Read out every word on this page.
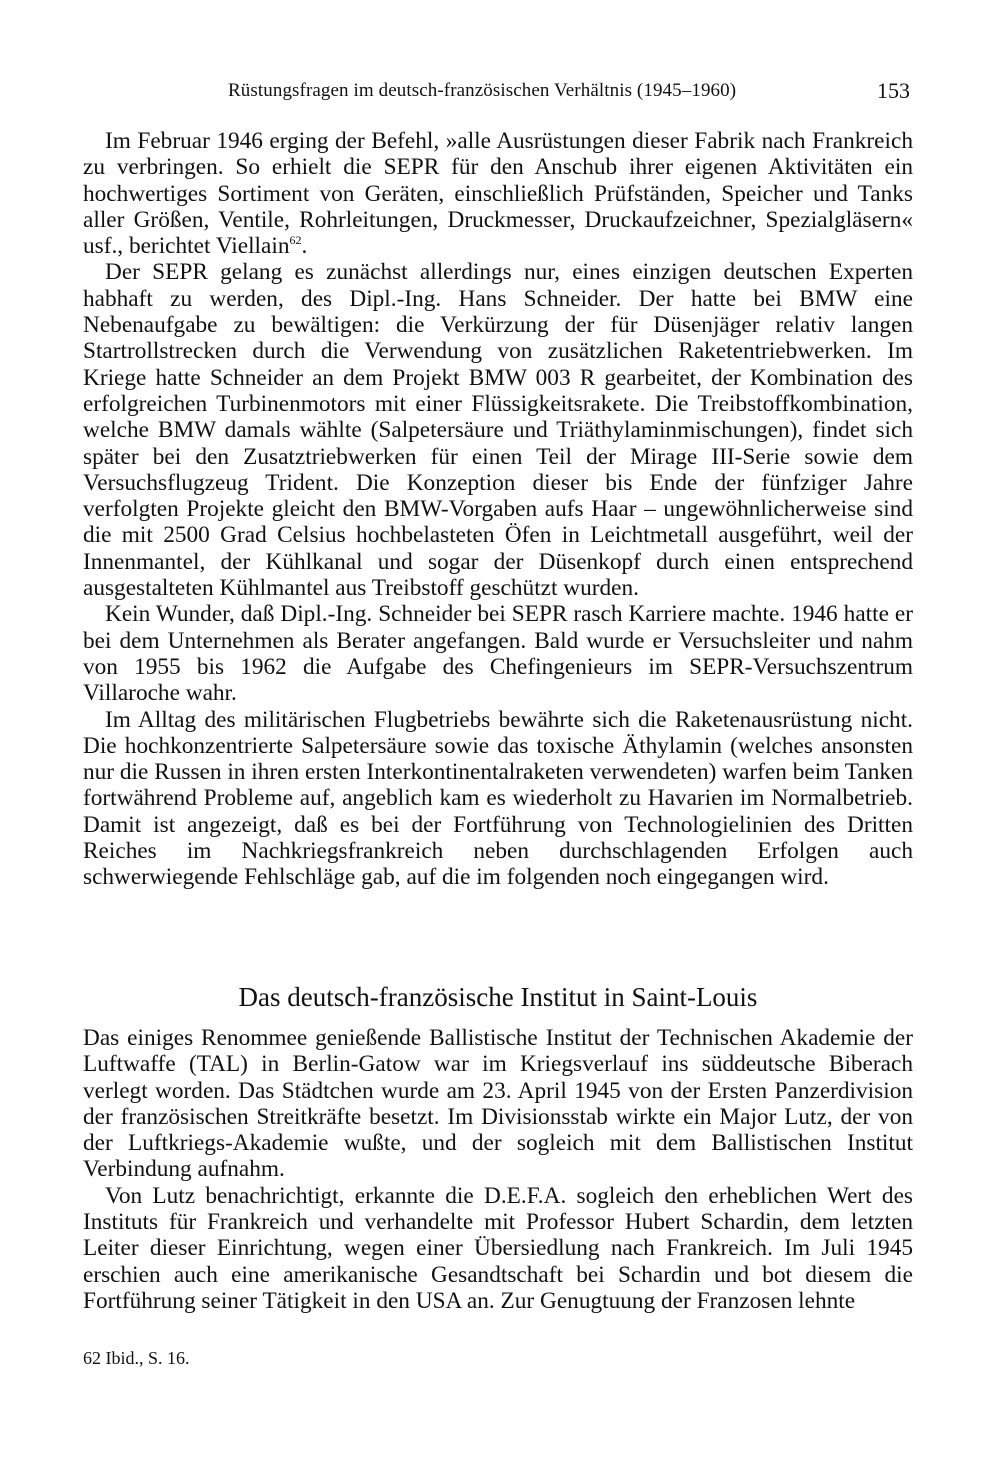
Rüstungsfragen im deutsch-französischen Verhältnis (1945–1960)	153

Im Februar 1946 erging der Befehl, »alle Ausrüstungen dieser Fabrik nach Frankreich zu verbringen. So erhielt die SEPR für den Anschub ihrer eigenen Aktivitäten ein hochwertiges Sortiment von Geräten, einschließlich Prüfständen, Speicher und Tanks aller Größen, Ventile, Rohrleitungen, Druckmesser, Druckaufzeichner, Spezialgläsern« usf., berichtet Viellain$^{62}$.

Der SEPR gelang es zunächst allerdings nur, eines einzigen deutschen Experten habhaft zu werden, des Dipl.-Ing. Hans Schneider. Der hatte bei BMW eine Nebenaufgabe zu bewältigen: die Verkürzung der für Düsenjäger relativ langen Startrollstrecken durch die Verwendung von zusätzlichen Raketentriebwerken. Im Kriege hatte Schneider an dem Projekt BMW 003 R gearbeitet, der Kombination des erfolgreichen Turbinenmotors mit einer Flüssigkeitsrakete. Die Treibstoffkombination, welche BMW damals wählte (Salpetersäure und Triäthylaminmischungen), findet sich später bei den Zusatztriebwerken für einen Teil der Mirage III-Serie sowie dem Versuchsflugzeug Trident. Die Konzeption dieser bis Ende der fünfziger Jahre verfolgten Projekte gleicht den BMW-Vorgaben aufs Haar – ungewöhnlicherweise sind die mit 2500 Grad Celsius hochbelasteten Öfen in Leichtmetall ausgeführt, weil der Innenmantel, der Kühlkanal und sogar der Düsenkopf durch einen entsprechend ausgestalteten Kühlmantel aus Treibstoff geschützt wurden.

Kein Wunder, daß Dipl.-Ing. Schneider bei SEPR rasch Karriere machte. 1946 hatte er bei dem Unternehmen als Berater angefangen. Bald wurde er Versuchsleiter und nahm von 1955 bis 1962 die Aufgabe des Chefingenieurs im SEPR-Versuchszentrum Villaroche wahr.

Im Alltag des militärischen Flugbetriebs bewährte sich die Raketenausrüstung nicht. Die hochkonzentrierte Salpetersäure sowie das toxische Äthylamin (welches ansonsten nur die Russen in ihren ersten Interkontinentalraketen verwendeten) warfen beim Tanken fortwährend Probleme auf, angeblich kam es wiederholt zu Havarien im Normalbetrieb. Damit ist angezeigt, daß es bei der Fortführung von Technologielinien des Dritten Reiches im Nachkriegsfrankreich neben durchschlagenden Erfolgen auch schwerwiegende Fehlschläge gab, auf die im folgenden noch eingegangen wird.

Das deutsch-französische Institut in Saint-Louis

Das einiges Renommee genießende Ballistische Institut der Technischen Akademie der Luftwaffe (TAL) in Berlin-Gatow war im Kriegsverlauf ins süddeutsche Biberach verlegt worden. Das Städtchen wurde am 23. April 1945 von der Ersten Panzerdivision der französischen Streitkräfte besetzt. Im Divisionsstab wirkte ein Major Lutz, der von der Luftkriegs-Akademie wußte, und der sogleich mit dem Ballistischen Institut Verbindung aufnahm.

Von Lutz benachrichtigt, erkannte die D.E.F.A. sogleich den erheblichen Wert des Instituts für Frankreich und verhandelte mit Professor Hubert Schardin, dem letzten Leiter dieser Einrichtung, wegen einer Übersiedlung nach Frankreich. Im Juli 1945 erschien auch eine amerikanische Gesandtschaft bei Schardin und bot diesem die Fortführung seiner Tätigkeit in den USA an. Zur Genugtuung der Franzosen lehnte

62 Ibid., S. 16.
